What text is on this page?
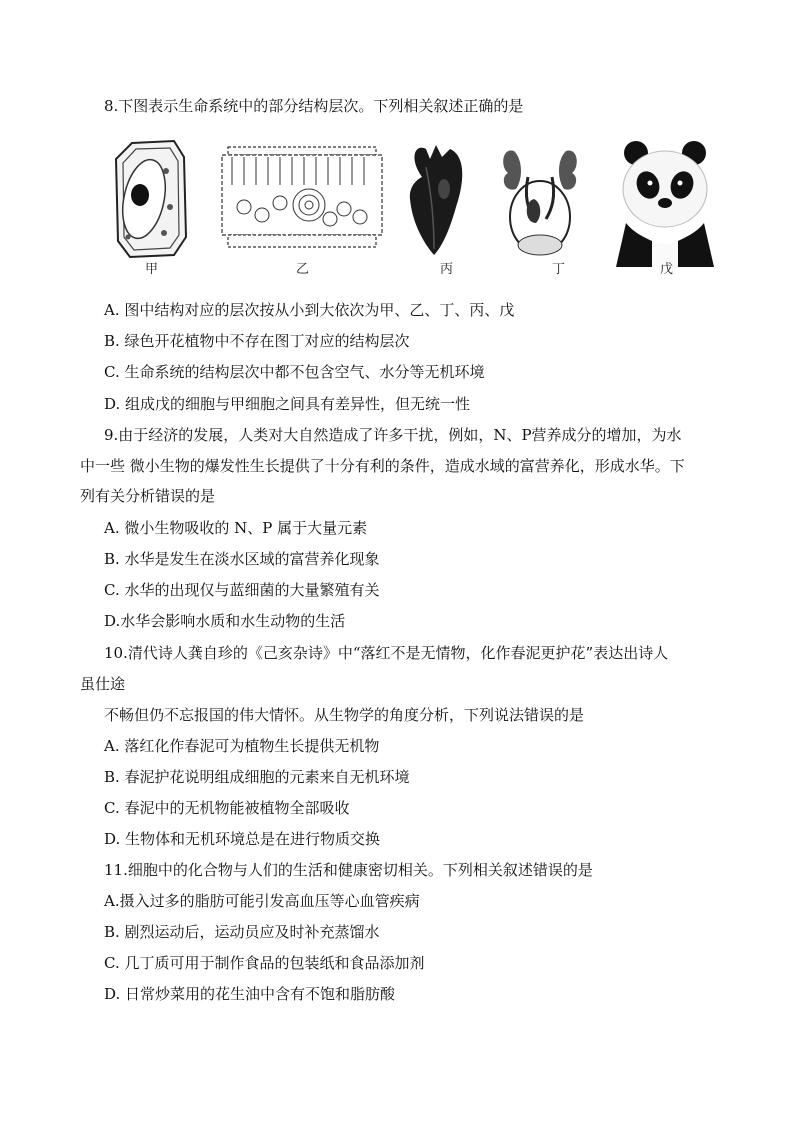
8.下图表示生命系统中的部分结构层次。下列相关叙述正确的是
甲	乙	丙	丁	戊
A. 图中结构对应的层次按从小到大依次为甲、乙、丁、丙、戊
B. 绿色开花植物中不存在图丁对应的结构层次
C. 生命系统的结构层次中都不包含空气、水分等无机环境
D. 组成戊的细胞与甲细胞之间具有差异性，但无统一性
9.由于经济的发展，人类对大自然造成了许多干扰，例如，N、P营养成分的增加，为水
中一些 微小生物的爆发性生长提供了十分有利的条件，造成水域的富营养化，形成水华。下
列有关分析错误的是
A. 微小生物吸收的 N、P 属于大量元素
B. 水华是发生在淡水区域的富营养化现象
C. 水华的出现仅与蓝细菌的大量繁殖有关
D.水华会影响水质和水生动物的生活
10.清代诗人龚自珍的《己亥杂诗》中“落红不是无情物，化作春泥更护花”表达出诗人
虽仕途
不畅但仍不忘报国的伟大情怀。从生物学的角度分析，下列说法错误的是
A. 落红化作春泥可为植物生长提供无机物
B. 春泥护花说明组成细胞的元素来自无机环境
C. 春泥中的无机物能被植物全部吸收
D. 生物体和无机环境总是在进行物质交换
11.细胞中的化合物与人们的生活和健康密切相关。下列相关叙述错误的是
A.摄入过多的脂肪可能引发高血压等心血管疾病
B. 剧烈运动后，运动员应及时补充蒸馏水
C. 几丁质可用于制作食品的包装纸和食品添加剂
D. 日常炒菜用的花生油中含有不饱和脂肪酸
